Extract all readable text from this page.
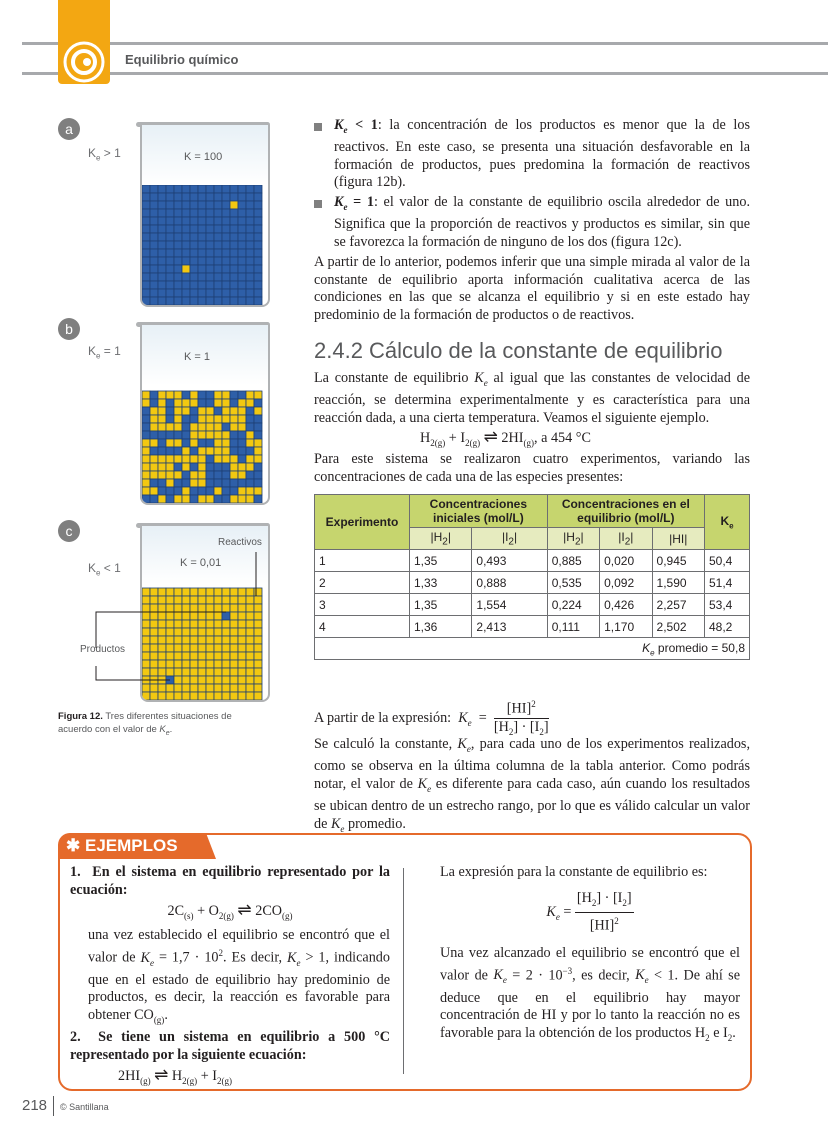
Equilibrio químico
a
$K_e > 1$	K = 100
b
$K_e = 1$	K = 1
c
$K_e < 1$	K = 0,01
Reactivos
Productos
Figura 12. Tres diferentes situaciones de acuerdo con el valor de $K_e$.
$K_e < 1$: la concentración de los productos es menor que la de los reactivos. En este caso, se presenta una situación desfavorable en la formación de productos, pues predomina la formación de reactivos (figura 12b).
$K_e = 1$: el valor de la constante de equilibrio oscila alrededor de uno. Significa que la proporción de reactivos y productos es similar, sin que se favorezca la formación de ninguno de los dos (figura 12c).
A partir de lo anterior, podemos inferir que una simple mirada al valor de la constante de equilibrio aporta información cualitativa acerca de las condiciones en las que se alcanza el equilibrio y si en este estado hay predominio de la formación de productos o de reactivos.
2.4.2 Cálculo de la constante de equilibrio
La constante de equilibrio $K_e$ al igual que las constantes de velocidad de reacción, se determina experimentalmente y es característica para una reacción dada, a una cierta temperatura. Veamos el siguiente ejemplo.
$H_{2(g)} + I_{2(g)}$ ⇌ $2HI_{(g)}$, a 454 °C
Para este sistema se realizaron cuatro experimentos, variando las concentraciones de cada una de las especies presentes:
Experimento	Concentraciones iniciales (mol/L)		Concentraciones en el equilibrio (mol/L)			$K_e$
	$|H_2|$	$|I_2|$	$|H_2|$	$|I_2|$	|HI|	
1	1,35	0,493	0,885	0,020	0,945	50,4
2	1,33	0,888	0,535	0,092	1,590	51,4
3	1,35	1,554	0,224	0,426	2,257	53,4
4	1,36	2,413	0,111	1,170	2,502	48,2
$K_e$ promedio = 50,8						
A partir de la expresión: $K_e = \frac{[HI]^2}{[H_2] \cdot [I_2]}$
Se calculó la constante, $K_e$, para cada uno de los experimentos realizados, como se observa en la última columna de la tabla anterior. Como podrás notar, el valor de $K_e$ es diferente para cada caso, aún cuando los resultados se ubican dentro de un estrecho rango, por lo que es válido calcular un valor de $K_e$ promedio.
✱ EJEMPLOS
1.  En el sistema en equilibrio representado por la ecuación:
$2C_{(s)} + O_{2(g)}$ ⇌ $2CO_{(g)}$
una vez establecido el equilibrio se encontró que el valor de $K_e = 1,7 \cdot 10^2$. Es decir, $K_e > 1$, indicando que en el estado de equilibrio hay predominio de productos, es decir, la reacción es favorable para obtener $CO_{(g)}$.
2.  Se tiene un sistema en equilibrio a 500 °C representado por la siguiente ecuación:
$2HI_{(g)}$ ⇌ $H_{2(g)} + I_{2(g)}$
La expresión para la constante de equilibrio es:
$K_e = \frac{[H_2] \cdot [I_2]}{[HI]^2}$
Una vez alcanzado el equilibrio se encontró que el valor de $K_e = 2 \cdot 10^{-3}$, es decir, $K_e < 1$. De ahí se deduce que en el equilibrio hay mayor concentración de HI y por lo tanto la reacción no es favorable para la obtención de los productos $H_2$ e $I_2$.
218 © Santillana
